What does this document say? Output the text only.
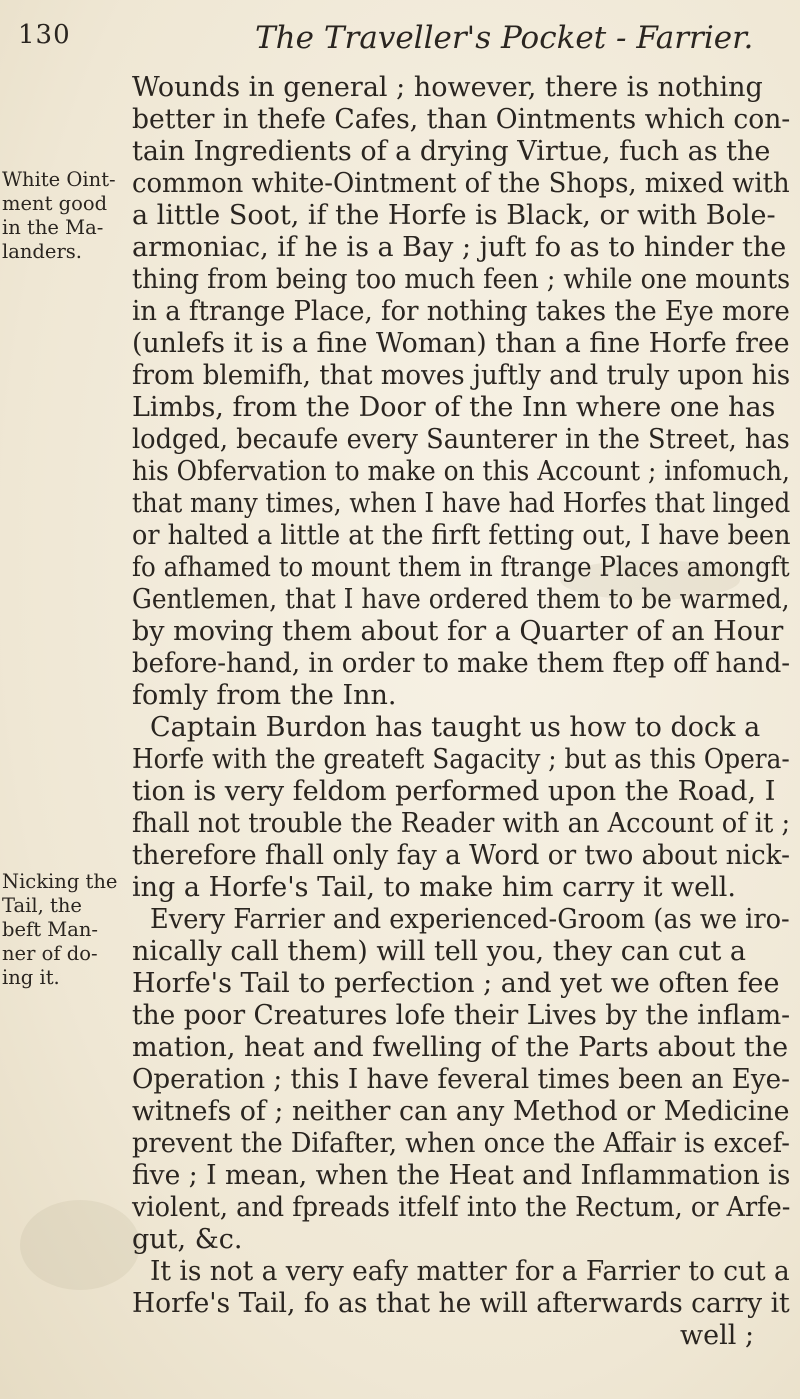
130	The Traveller's Pocket - Farrier.
White Oint-
ment good
in the Ma-
landers.
Nicking the
Tail, the
beft Man-
ner of do-
ing it.
Wounds in general ; however, there is nothing
better in thefe Cafes, than Ointments which con-
tain Ingredients of a drying Virtue, fuch as the
common white-Ointment of the Shops, mixed with
a little Soot, if the Horfe is Black, or with Bole-
armoniac, if he is a Bay ; juft fo as to hinder the
thing from being too much feen ; while one mounts
in a ftrange Place, for nothing takes the Eye more
(unlefs it is a fine Woman) than a fine Horfe free
from blemifh, that moves juftly and truly upon his
Limbs, from the Door of the Inn where one has
lodged, becaufe every Saunterer in the Street, has
his Obfervation to make on this Account ; infomuch,
that many times, when I have had Horfes that linged
or halted a little at the firft fetting out, I have been
fo afhamed to mount them in ftrange Places amongft
Gentlemen, that I have ordered them to be warmed,
by moving them about for a Quarter of an Hour
before-hand, in order to make them ftep off hand-
fomly from the Inn.
Captain Burdon has taught us how to dock a
Horfe with the greateft Sagacity ; but as this Opera-
tion is very feldom performed upon the Road, I
fhall not trouble the Reader with an Account of it ;
therefore fhall only fay a Word or two about nick-
ing a Horfe's Tail, to make him carry it well.
Every Farrier and experienced-Groom (as we iro-
nically call them) will tell you, they can cut a
Horfe's Tail to perfection ; and yet we often fee
the poor Creatures lofe their Lives by the inflam-
mation, heat and fwelling of the Parts about the
Operation ; this I have feveral times been an Eye-
witnefs of ; neither can any Method or Medicine
prevent the Difafter, when once the Affair is excef-
five ; I mean, when the Heat and Inflammation is
violent, and fpreads itfelf into the Rectum, or Arfe-
gut, &c.
It is not a very eafy matter for a Farrier to cut a
Horfe's Tail, fo as that he will afterwards carry it
well ;
